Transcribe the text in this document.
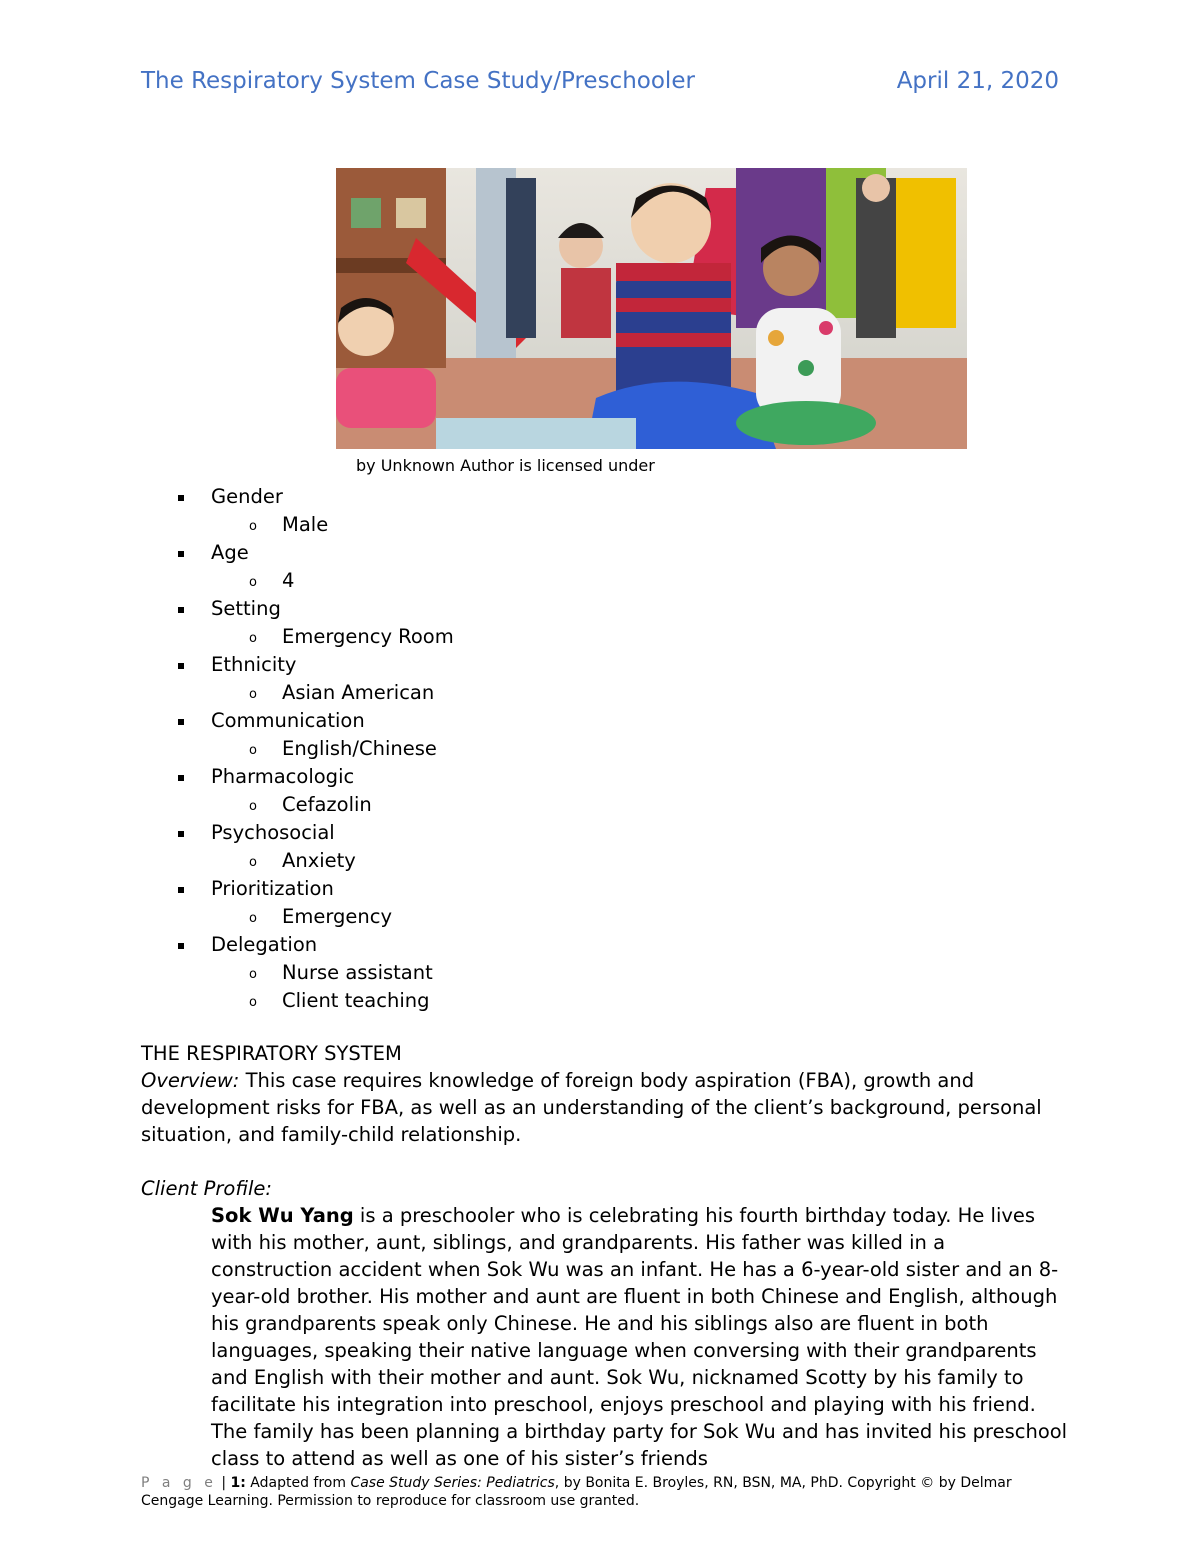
The Respiratory System Case Study/Preschooler	April 21, 2020
by Unknown Author is licensed under
Gender
o Male
Age
o 4
Setting
o Emergency Room
Ethnicity
o Asian American
Communication
o English/Chinese
Pharmacologic
o Cefazolin
Psychosocial
o Anxiety
Prioritization
o Emergency
Delegation
o Nurse assistant
o Client teaching

THE RESPIRATORY SYSTEM

Overview: This case requires knowledge of foreign body aspiration (FBA), growth and development risks for FBA, as well as an understanding of the client’s background, personal situation, and family-child relationship.

Client Profile:

Sok Wu Yang is a preschooler who is celebrating his fourth birthday today. He lives with his mother, aunt, siblings, and grandparents. His father was killed in a construction accident when Sok Wu was an infant. He has a 6-year-old sister and an 8-year-old brother. His mother and aunt are fluent in both Chinese and English, although his grandparents speak only Chinese. He and his siblings also are fluent in both languages, speaking their native language when conversing with their grandparents and English with their mother and aunt. Sok Wu, nicknamed Scotty by his family to facilitate his integration into preschool, enjoys preschool and playing with his friend. The family has been planning a birthday party for Sok Wu and has invited his preschool class to attend as well as one of his sister’s friends

P a g e | 1: Adapted from Case Study Series: Pediatrics, by Bonita E. Broyles, RN, BSN, MA, PhD. Copyright © by Delmar Cengage Learning. Permission to reproduce for classroom use granted.
